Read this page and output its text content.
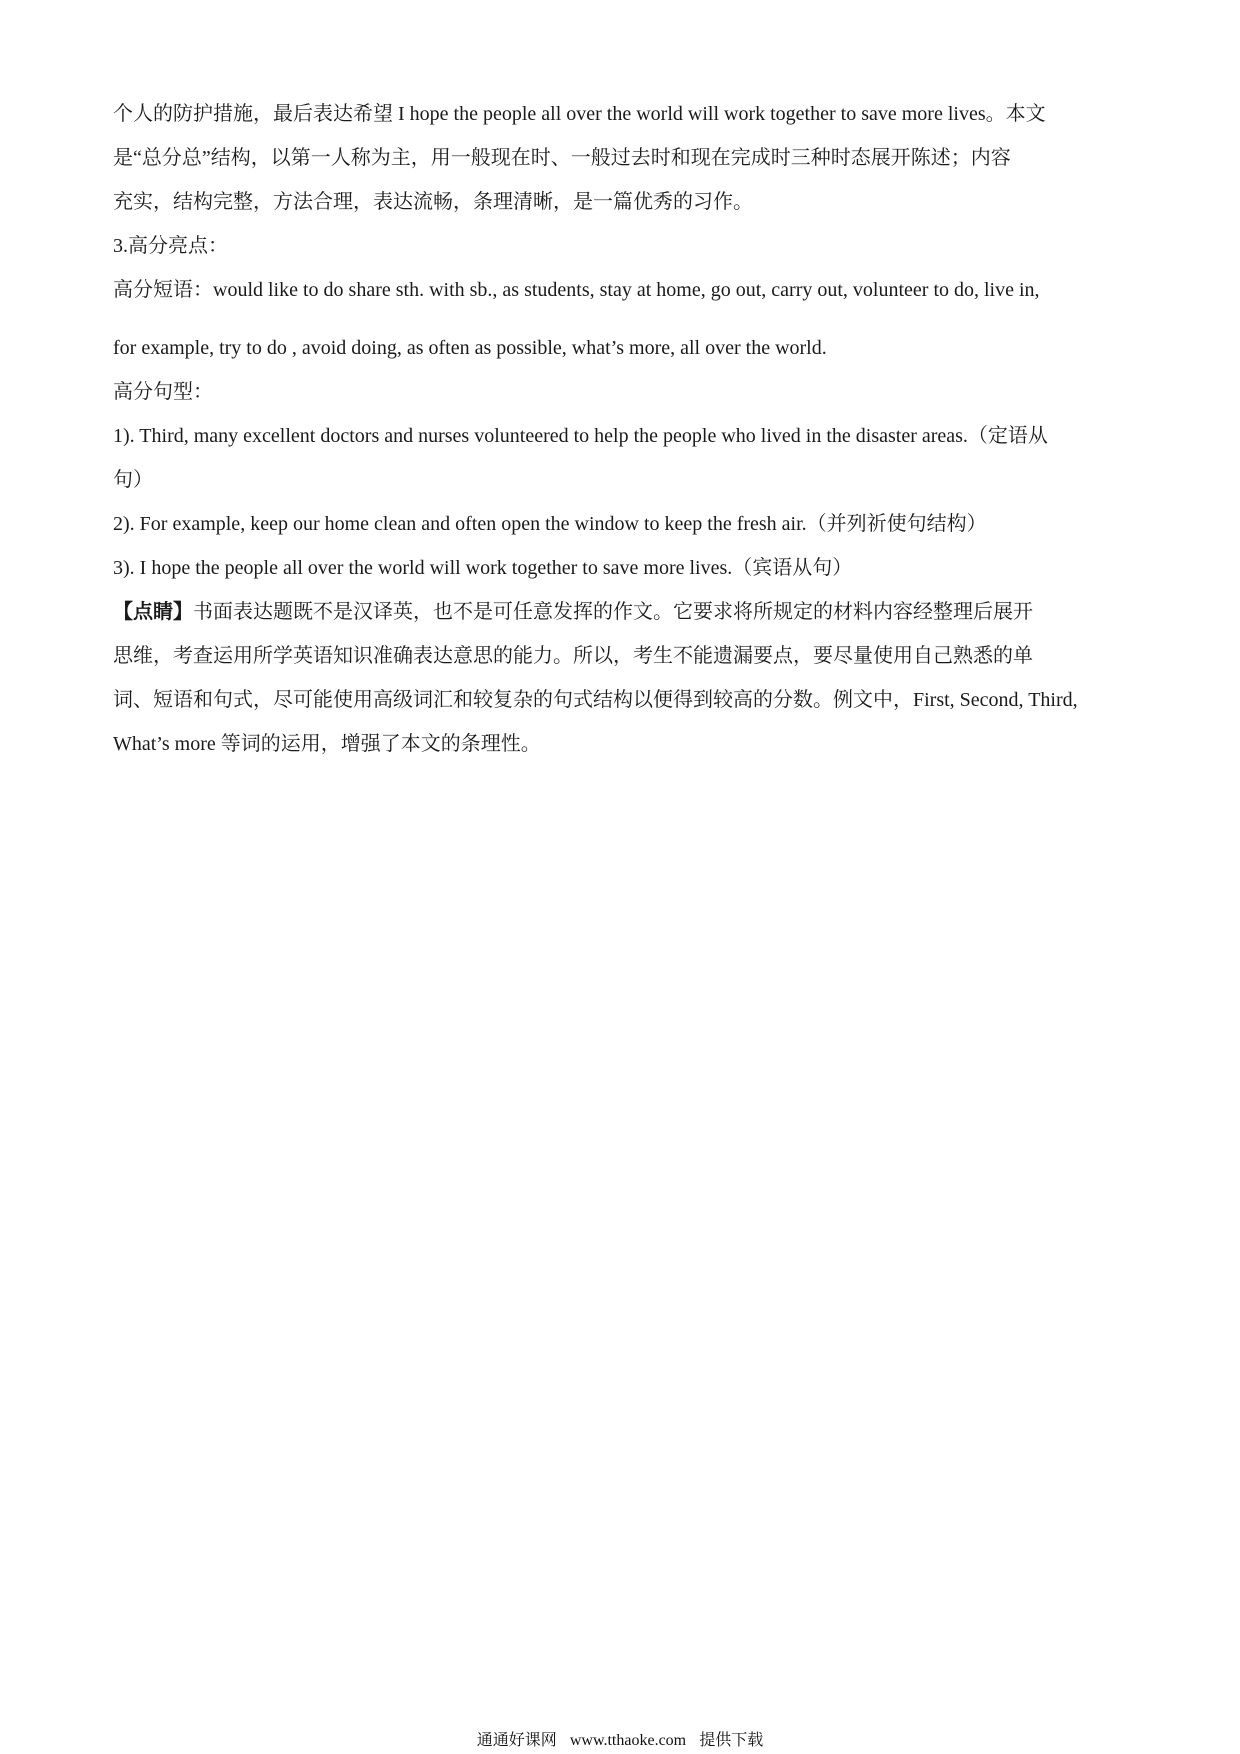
个人的防护措施，最后表达希望 I hope the people all over the world will work together to save more lives。本文

是“总分总”结构，以第一人称为主，用一般现在时、一般过去时和现在完成时三种时态展开陈述；内容

充实，结构完整，方法合理，表达流畅，条理清晰，是一篇优秀的习作。

3.高分亮点：

高分短语：would like to do share sth. with sb., as students, stay at home, go out, carry out, volunteer to do, live in,

for example, try to do , avoid doing, as often as possible, what’s more, all over the world.

高分句型：

1). Third, many excellent doctors and nurses volunteered to help the people who lived in the disaster areas.（定语从

句）

2). For example, keep our home clean and often open the window to keep the fresh air.（并列祈使句结构）

3). I hope the people all over the world will work together to save more lives.（宾语从句）

【点睛】书面表达题既不是汉译英，也不是可任意发挥的作文。它要求将所规定的材料内容经整理后展开

思维，考查运用所学英语知识准确表达意思的能力。所以，考生不能遗漏要点，要尽量使用自己熟悉的单

词、短语和句式，尽可能使用高级词汇和较复杂的句式结构以便得到较高的分数。例文中，First, Second, Third,

What’s more 等词的运用，增强了本文的条理性。

通通好课网 www.tthaoke.com 提供下载
